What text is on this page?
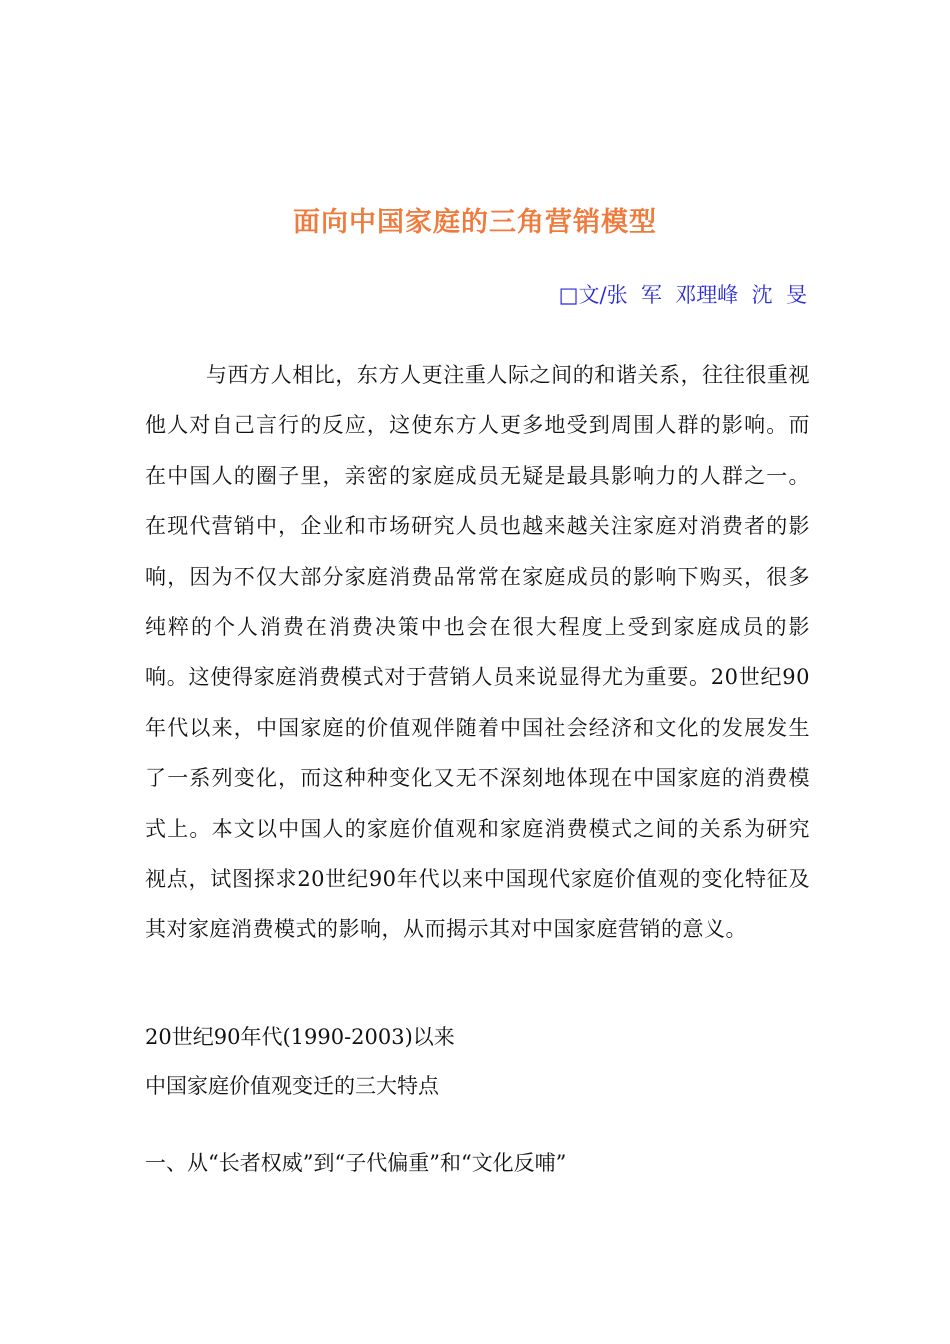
面向中国家庭的三角营销模型
□文/张  军  邓理峰  沈  旻

与西方人相比，东方人更注重人际之间的和谐关系，往往很重视他人对自己言行的反应，这使东方人更多地受到周围人群的影响。而在中国人的圈子里，亲密的家庭成员无疑是最具影响力的人群之一。在现代营销中，企业和市场研究人员也越来越关注家庭对消费者的影响，因为不仅大部分家庭消费品常常在家庭成员的影响下购买，很多纯粹的个人消费在消费决策中也会在很大程度上受到家庭成员的影响。这使得家庭消费模式对于营销人员来说显得尤为重要。20世纪90年代以来，中国家庭的价值观伴随着中国社会经济和文化的发展发生了一系列变化，而这种种变化又无不深刻地体现在中国家庭的消费模式上。本文以中国人的家庭价值观和家庭消费模式之间的关系为研究视点，试图探求20世纪90年代以来中国现代家庭价值观的变化特征及其对家庭消费模式的影响，从而揭示其对中国家庭营销的意义。

20世纪90年代(1990-2003)以来

中国家庭价值观变迁的三大特点

一、从“长者权威”到“子代偏重”和“文化反哺”
